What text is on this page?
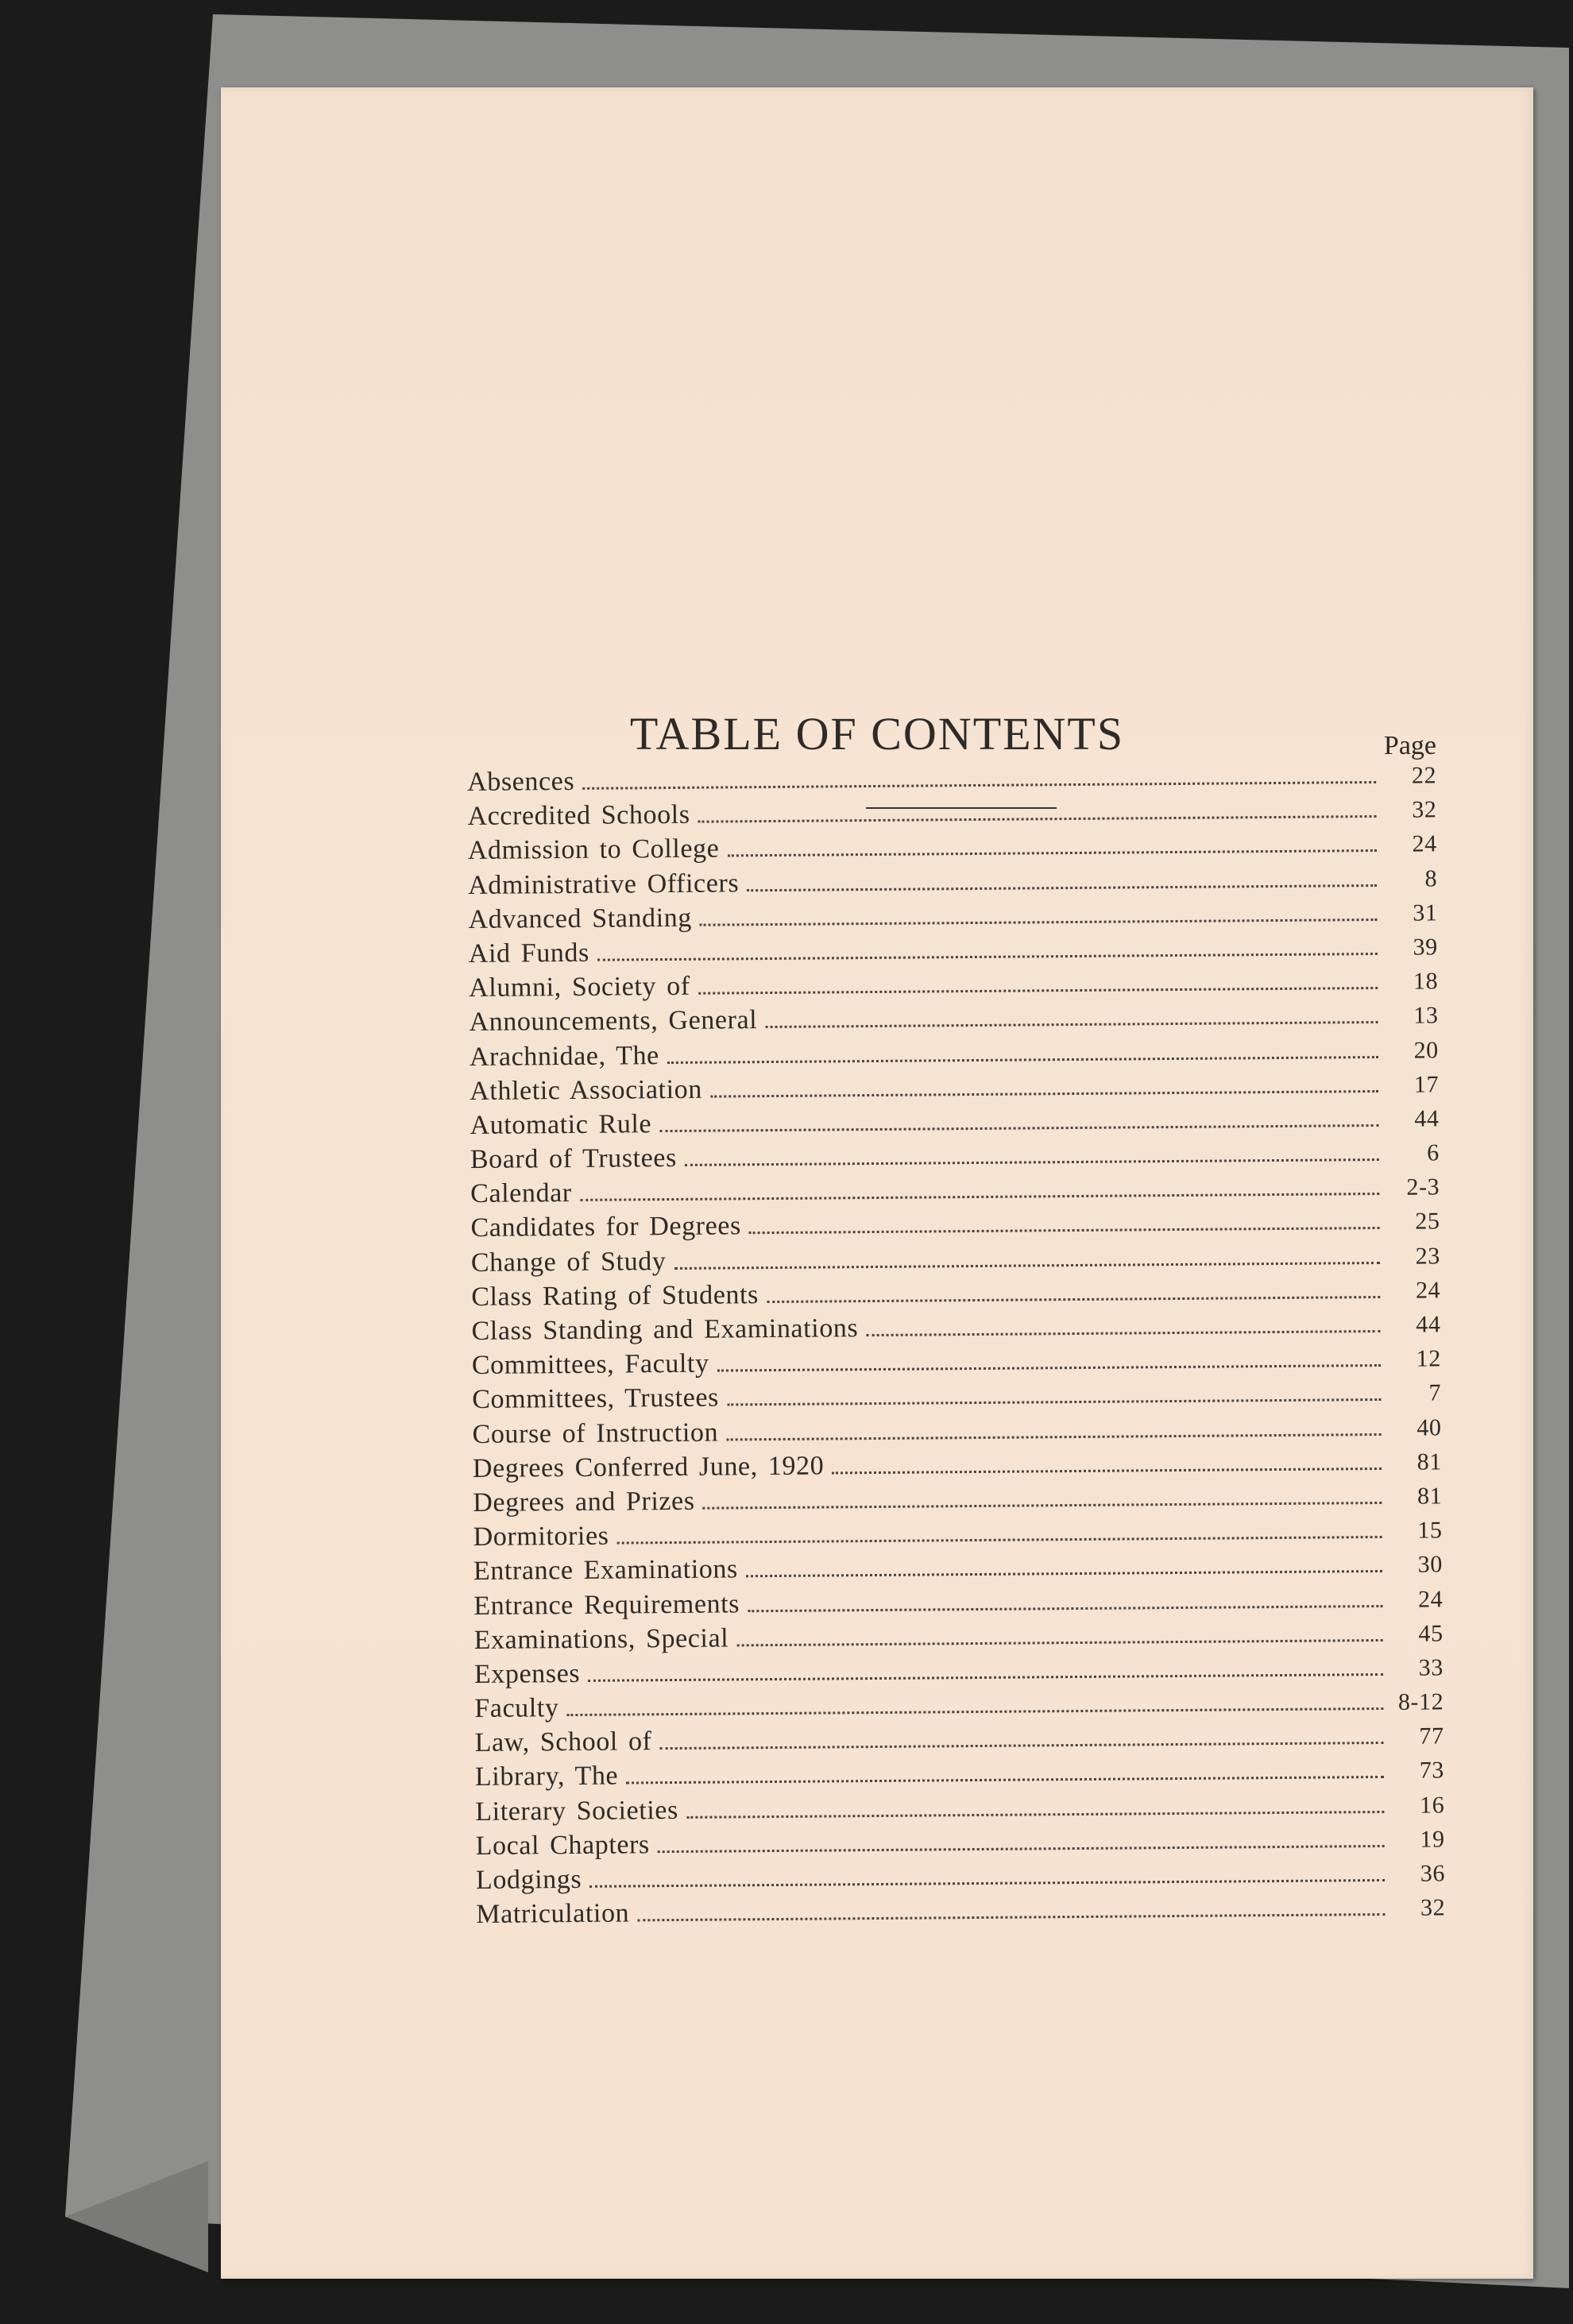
TABLE OF CONTENTS	Page
Absences	22
Accredited Schools	32
Admission to College	24
Administrative Officers	8
Advanced Standing	31
Aid Funds	39
Alumni, Society of	18
Announcements, General	13
Arachnidae, The	20
Athletic Association	17
Automatic Rule	44
Board of Trustees	6
Calendar	2-3
Candidates for Degrees	25
Change of Study	23
Class Rating of Students	24
Class Standing and Examinations	44
Committees, Faculty	12
Committees, Trustees	7
Course of Instruction	40
Degrees Conferred June, 1920	81
Degrees and Prizes	81
Dormitories	15
Entrance Examinations	30
Entrance Requirements	24
Examinations, Special	45
Expenses	33
Faculty	8-12
Law, School of	77
Library, The	73
Literary Societies	16
Local Chapters	19
Lodgings	36
Matriculation	32
